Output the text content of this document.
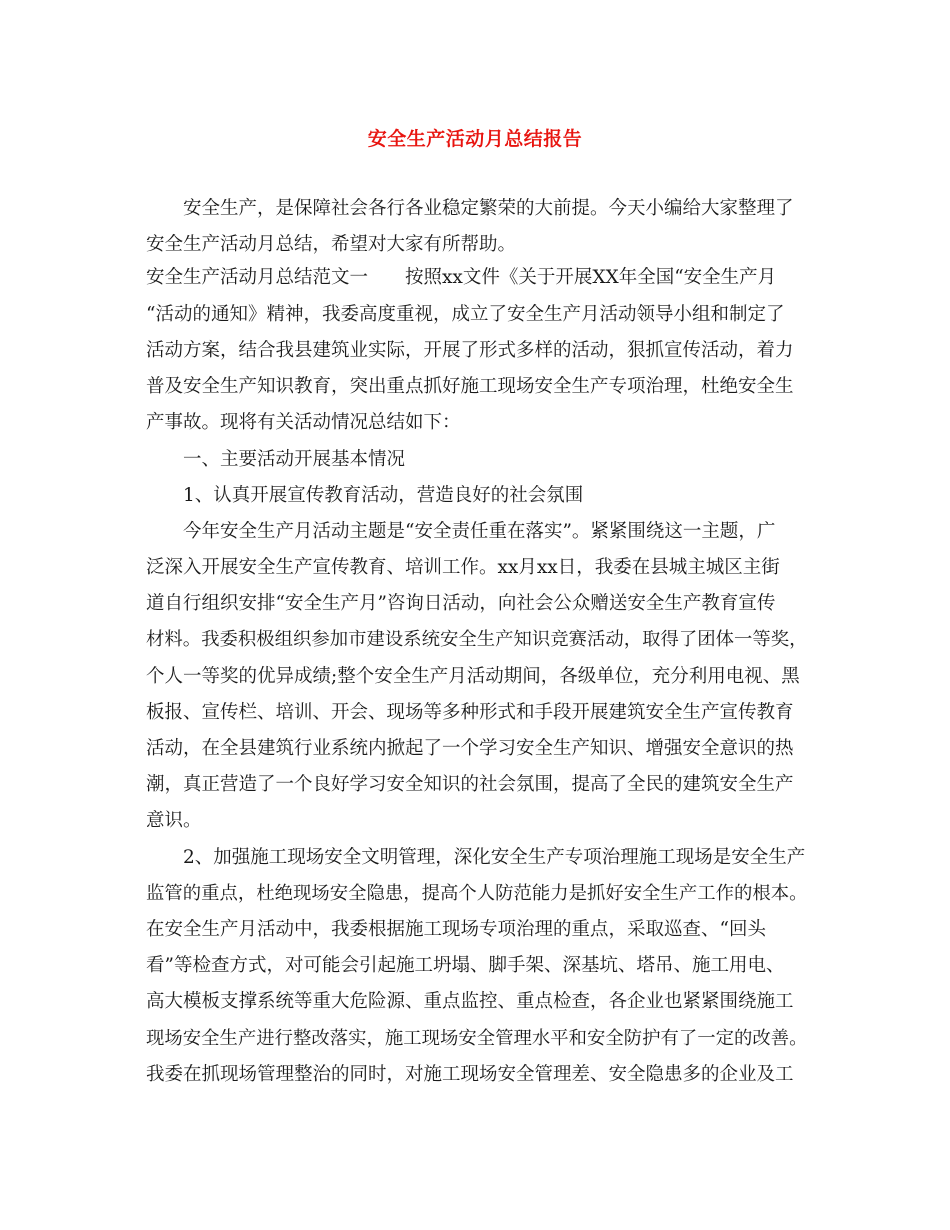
安全生产活动月总结报告
　　安全生产，是保障社会各行各业稳定繁荣的大前提。今天小编给大家整理了
安全生产活动月总结，希望对大家有所帮助。
安全生产活动月总结范文一　　按照xx文件《关于开展XX年全国“安全生产月
“活动的通知》精神，我委高度重视，成立了安全生产月活动领导小组和制定了
活动方案，结合我县建筑业实际，开展了形式多样的活动，狠抓宣传活动，着力
普及安全生产知识教育，突出重点抓好施工现场安全生产专项治理，杜绝安全生
产事故。现将有关活动情况总结如下：
　　一、主要活动开展基本情况
　　1、认真开展宣传教育活动，营造良好的社会氛围
　　今年安全生产月活动主题是“安全责任重在落实”。紧紧围绕这一主题，广
泛深入开展安全生产宣传教育、培训工作。xx月xx日，我委在县城主城区主街
道自行组织安排“安全生产月”咨询日活动，向社会公众赠送安全生产教育宣传
材料。我委积极组织参加市建设系统安全生产知识竞赛活动，取得了团体一等奖，
个人一等奖的优异成绩;整个安全生产月活动期间，各级单位，充分利用电视、黑
板报、宣传栏、培训、开会、现场等多种形式和手段开展建筑安全生产宣传教育
活动，在全县建筑行业系统内掀起了一个学习安全生产知识、增强安全意识的热
潮，真正营造了一个良好学习安全知识的社会氛围，提高了全民的建筑安全生产
意识。
　　2、加强施工现场安全文明管理，深化安全生产专项治理施工现场是安全生产
监管的重点，杜绝现场安全隐患，提高个人防范能力是抓好安全生产工作的根本。
在安全生产月活动中，我委根据施工现场专项治理的重点，采取巡查、“回头
看”等检查方式，对可能会引起施工坍塌、脚手架、深基坑、塔吊、施工用电、
高大模板支撑系统等重大危险源、重点监控、重点检查，各企业也紧紧围绕施工
现场安全生产进行整改落实，施工现场安全管理水平和安全防护有了一定的改善。
我委在抓现场管理整治的同时，对施工现场安全管理差、安全隐患多的企业及工
